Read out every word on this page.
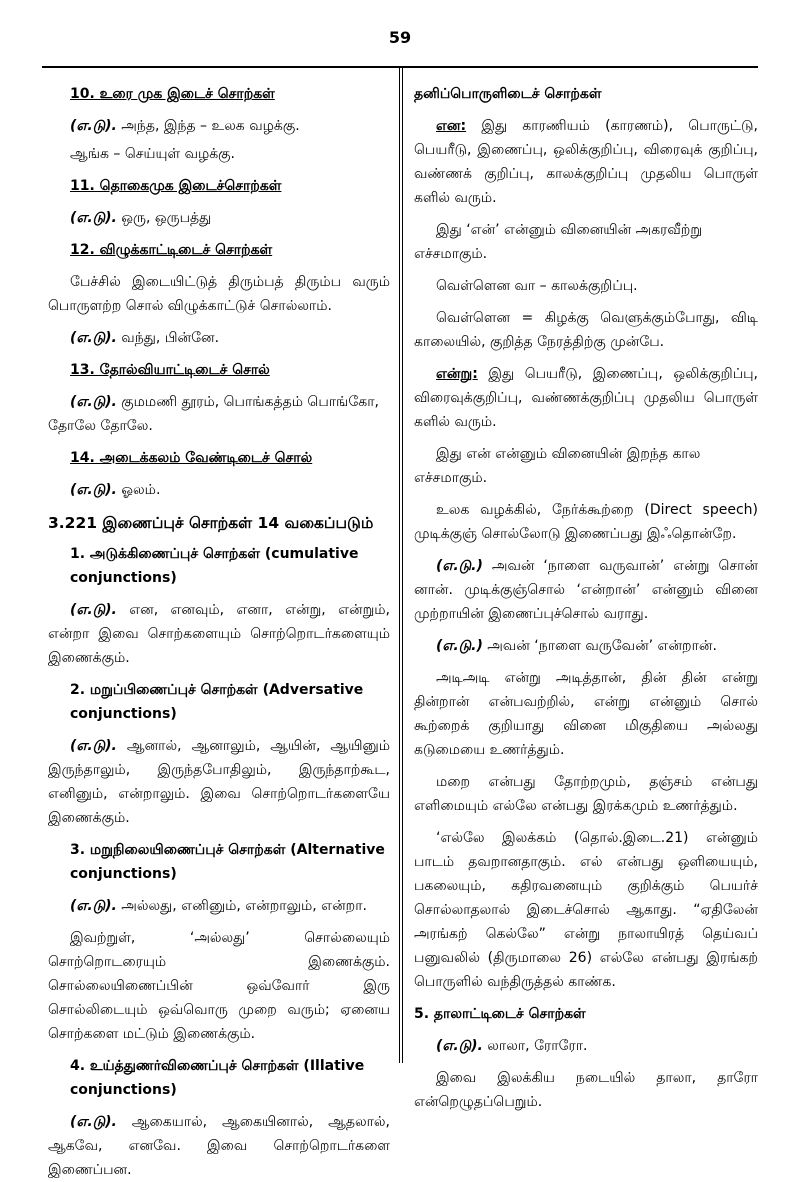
59
10. உரை முக இடைச் சொற்கள்
(எ.டு). அந்த, இந்த – உலக வழக்கு.
ஆங்க – செய்யுள் வழக்கு.
11. தொகைமுக இடைச்சொற்கள்
(எ.டு). ஒரு, ஒருபத்து
12. விழுக்காட்டிடைச் சொற்கள்
பேச்சில் இடையிட்டுத் திரும்பத் திரும்ப வரும் பொருளற்ற சொல் விழுக்காட்டுச் சொல்லாம்.
(எ.டு). வந்து, பின்னே.
13. தோல்வியாட்டிடைச் சொல்
(எ.டு). குமமணி தூரம், பொங்கத்தம் பொங்கோ, தோலே தோலே.
14. அடைக்கலம் வேண்டிடைச் சொல்
(எ.டு). ஓலம்.
3.221 இணைப்புச் சொற்கள் 14 வகைப்படும்
1. அடுக்கிணைப்புச் சொற்கள் (cumulative conjunctions)
(எ.டு). என, எனவும், எனா, என்று, என்றும், என்றா இவை சொற்களையும் சொற்றொடர்களையும் இணைக்கும்.
2. மறுப்பிணைப்புச் சொற்கள் (Adversative conjunctions)
(எ.டு). ஆனால், ஆனாலும், ஆயின், ஆயினும் இருந்தாலும், இருந்தபோதிலும், இருந்தாற்கூட, எனினும், என்றாலும். இவை சொற்றொடர்களையே இணைக்கும்.
3. மறுநிலையிணைப்புச் சொற்கள் (Alternative conjunctions)
(எ.டு). அல்லது, எனினும், என்றாலும், என்றா.
இவற்றுள், ‘அல்லது’ சொல்லையும் சொற்றொடரையும் இணைக்கும். சொல்லையிணைப்பின் ஒவ்வோர் இரு சொல்லிடையும் ஒவ்வொரு முறை வரும்; ஏனைய சொற்களை மட்டும் இணைக்கும்.
4. உய்த்துணர்விணைப்புச் சொற்கள் (Illative conjunctions)
(எ.டு). ஆகையால், ஆகையினால், ஆதலால், ஆகவே, எனவே. இவை சொற்றொடர்களை இணைப்பன.
தனிப்பொருளிடைச் சொற்கள்
என: இது காரணியம் (காரணம்), பொருட்டு, பெயரீடு, இணைப்பு, ஒலிக்குறிப்பு, விரைவுக் குறிப்பு, வண்ணக் குறிப்பு, காலக்குறிப்பு முதலிய பொருள் களில் வரும்.
இது ‘என்’ என்னும் வினையின் அகரவீற்று எச்சமாகும்.
வெள்ளென வா – காலக்குறிப்பு.
வெள்ளென = கிழக்கு வெளுக்கும்போது, விடி காலையில், குறித்த நேரத்திற்கு முன்பே.
என்று: இது பெயரீடு, இணைப்பு, ஒலிக்குறிப்பு, விரைவுக்குறிப்பு, வண்ணக்குறிப்பு முதலிய பொருள் களில் வரும்.
இது என் என்னும் வினையின் இறந்த கால எச்சமாகும்.
உலக வழக்கில், நேர்க்கூற்றை (Direct speech) முடிக்குஞ் சொல்லோடு இணைப்பது இஃதொன்றே.
(எ.டு.) அவன் ‘நாளை வருவான்’ என்று சொன் னான். முடிக்குஞ்சொல் ‘என்றான்’ என்னும் வினை முற்றாயின் இணைப்புச்சொல் வராது.
(எ.டு.) அவன் ‘நாளை வருவேன்’ என்றான்.
அடிஅடி என்று அடித்தான், தின் தின் என்று தின்றான் என்பவற்றில், என்று என்னும் சொல் கூற்றைக் குறியாது வினை மிகுதியை அல்லது கடுமையை உணர்த்தும்.
மறை என்பது தோற்றமும், தஞ்சம் என்பது எளிமையும் எல்லே என்பது இரக்கமும் உணர்த்தும்.
‘எல்லே இலக்கம் (தொல்.இடை.21) என்னும் பாடம் தவறானதாகும். எல் என்பது ஒளியையும், பகலையும், கதிரவனையும் குறிக்கும் பெயர்ச் சொல்லாதலால் இடைச்சொல் ஆகாது. “ஏதிலேன் அரங்கற் கெல்லே” என்று நாலாயிரத் தெய்வப் பனுவலில் (திருமாலை 26) எல்லே என்பது இரங்கற் பொருளில் வந்திருத்தல் காண்க.
5. தாலாட்டிடைச் சொற்கள்
(எ.டு). லாலா, ரோரோ.
இவை இலக்கிய நடையில் தாலா, தாரோ என்றெழுதப்பெறும்.
